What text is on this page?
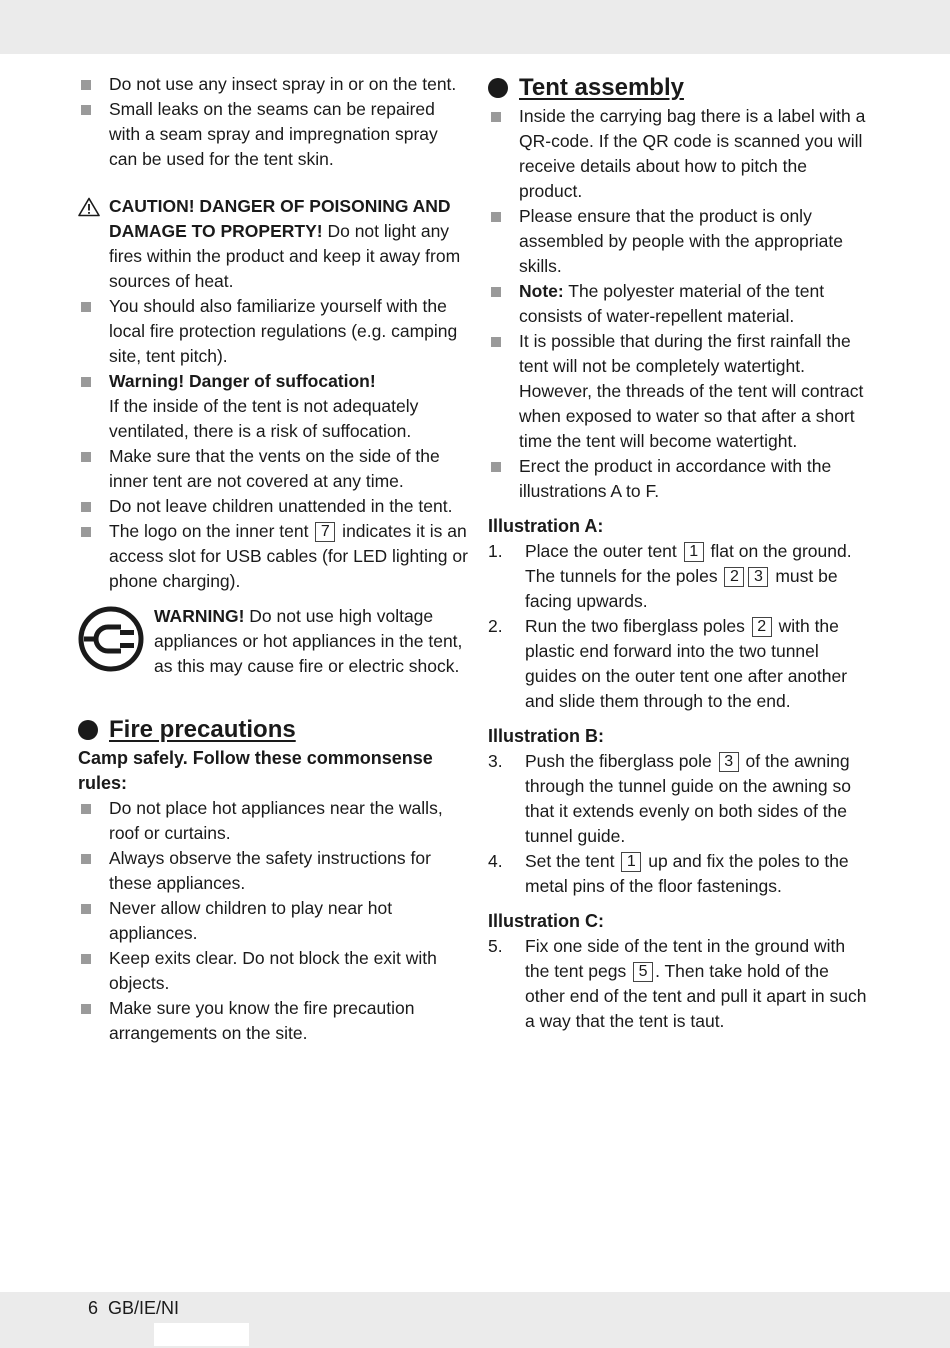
Do not use any insect spray in or on the tent.
Small leaks on the seams can be repaired with a seam spray and impregnation spray can be used for the tent skin.
CAUTION! DANGER OF POISONING AND DAMAGE TO PROPERTY! Do not light any fires within the product and keep it away from sources of heat.
You should also familiarize yourself with the local fire protection regulations (e.g. camping site, tent pitch).
Warning! Danger of suffocation!
If the inside of the tent is not adequately ventilated, there is a risk of suffocation.
Make sure that the vents on the side of the inner tent are not covered at any time.
Do not leave children unattended in the tent.
The logo on the inner tent 7 indicates it is an access slot for USB cables (for LED lighting or phone charging).
WARNING! Do not use high voltage appliances or hot appliances in the tent, as this may cause fire or electric shock.
Fire precautions
Camp safely. Follow these commonsense rules:
Do not place hot appliances near the walls, roof or curtains.
Always observe the safety instructions for these appliances.
Never allow children to play near hot appliances.
Keep exits clear. Do not block the exit with objects.
Make sure you know the fire precaution arrangements on the site.
Tent assembly
Inside the carrying bag there is a label with a QR-code. If the QR code is scanned you will receive details about how to pitch the product.
Please ensure that the product is only assembled by people with the appropriate skills.
Note: The polyester material of the tent consists of water-repellent material.
It is possible that during the first rainfall the tent will not be completely watertight. However, the threads of the tent will contract when exposed to water so that after a short time the tent will become watertight.
Erect the product in accordance with the illustrations A to F.
Illustration A:
1. Place the outer tent 1 flat on the ground. The tunnels for the poles 2 3 must be facing upwards.
2. Run the two fiberglass poles 2 with the plastic end forward into the two tunnel guides on the outer tent one after another and slide them through to the end.
Illustration B:
3. Push the fiberglass pole 3 of the awning through the tunnel guide on the awning so that it extends evenly on both sides of the tunnel guide.
4. Set the tent 1 up and fix the poles to the metal pins of the floor fastenings.
Illustration C:
5. Fix one side of the tent in the ground with the tent pegs 5 . Then take hold of the other end of the tent and pull it apart in such a way that the tent is taut.
6 GB/IE/NI
